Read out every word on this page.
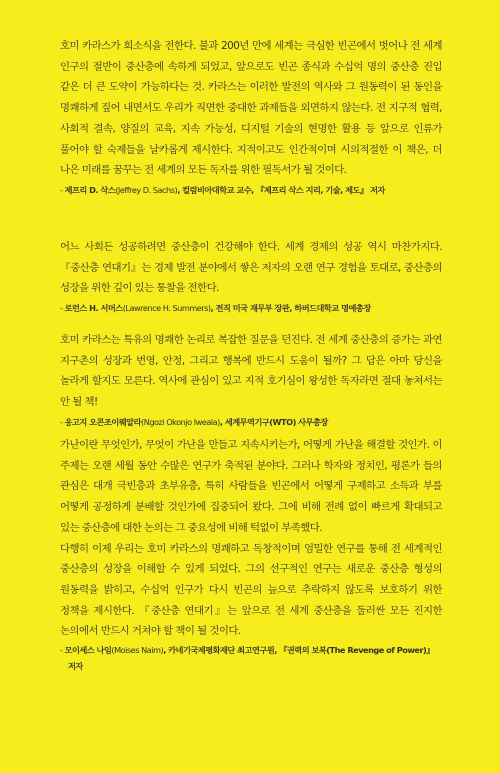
호미 카라스가 희소식을 전한다. 불과 200년 만에 세계는 극심한 빈곤에서 벗어나 전 세계 인구의 절반이 중산층에 속하게 되었고, 앞으로도 빈곤 종식과 수십억 명의 중산층 진입 같은 더 큰 도약이 가능하다는 것. 카라스는 이러한 발전의 역사와 그 원동력이 된 동인을 명쾌하게 짚어 내면서도 우리가 직면한 중대한 과제들을 외면하지 않는다. 전 지구적 협력, 사회적 결속, 양질의 교육, 지속 가능성, 디지털 기술의 현명한 활용 등 앞으로 인류가 풀어야 할 숙제들을 날카롭게 제시한다. 지적이고도 인간적이며 시의적절한 이 책은, 더 나은 미래를 꿈꾸는 전 세계의 모든 독자를 위한 필독서가 될 것이다.

- 제프리 D. 삭스(Jeffrey D. Sachs), 컬럼비아대학교 교수, 『제프리 삭스 지리, 기술, 제도』 저자

어느 사회든 성공하려면 중산층이 건강해야 한다. 세계 경제의 성공 역시 마찬가지다. 『중산층 연대기』는 경제 발전 분야에서 쌓은 저자의 오랜 연구 경험을 토대로, 중산층의 성장을 위한 깊이 있는 통찰을 전한다.

- 로런스 H. 서머스(Lawrence H. Summers), 전직 미국 재무부 장관, 하버드대학교 명예총장

호미 카라스는 특유의 명쾌한 논리로 복잡한 질문을 던진다. 전 세계 중산층의 증가는 과연 지구촌의 성장과 번영, 안정, 그리고 행복에 반드시 도움이 될까? 그 답은 아마 당신을 놀라게 할지도 모른다. 역사에 관심이 있고 지적 호기심이 왕성한 독자라면 절대 놓쳐서는 안 될 책!

- 응고지 오콘조이웨알라(Ngozi Okonjo Iweala), 세계무역기구(WTO) 사무총장

가난이란 무엇인가, 무엇이 가난을 만들고 지속시키는가, 어떻게 가난을 해결할 것인가. 이 주제는 오랜 세월 동안 수많은 연구가 축적된 분야다. 그러나 학자와 정치인, 평론가 들의 관심은 대개 극빈층과 초부유층, 특히 사람들을 빈곤에서 어떻게 구제하고 소득과 부를 어떻게 공정하게 분배할 것인가에 집중되어 왔다. 그에 비해 전례 없이 빠르게 확대되고 있는 중산층에 대한 논의는 그 중요성에 비해 턱없이 부족했다.

다행히 이제 우리는 호미 카라스의 명쾌하고 독창적이며 엄밀한 연구를 통해 전 세계적인 중산층의 성장을 이해할 수 있게 되었다. 그의 선구적인 연구는 새로운 중산층 형성의 원동력을 밝히고, 수십억 인구가 다시 빈곤의 늪으로 추락하지 않도록 보호하기 위한 정책을 제시한다. 『중산층 연대기』는 앞으로 전 세계 중산층을 둘러싼 모든 진지한 논의에서 반드시 거쳐야 할 책이 될 것이다.

- 모이세스 나임(Moises Naim), 카네기국제평화재단 최고연구원, 『권력의 보복(The Revenge of Power)』 저자
